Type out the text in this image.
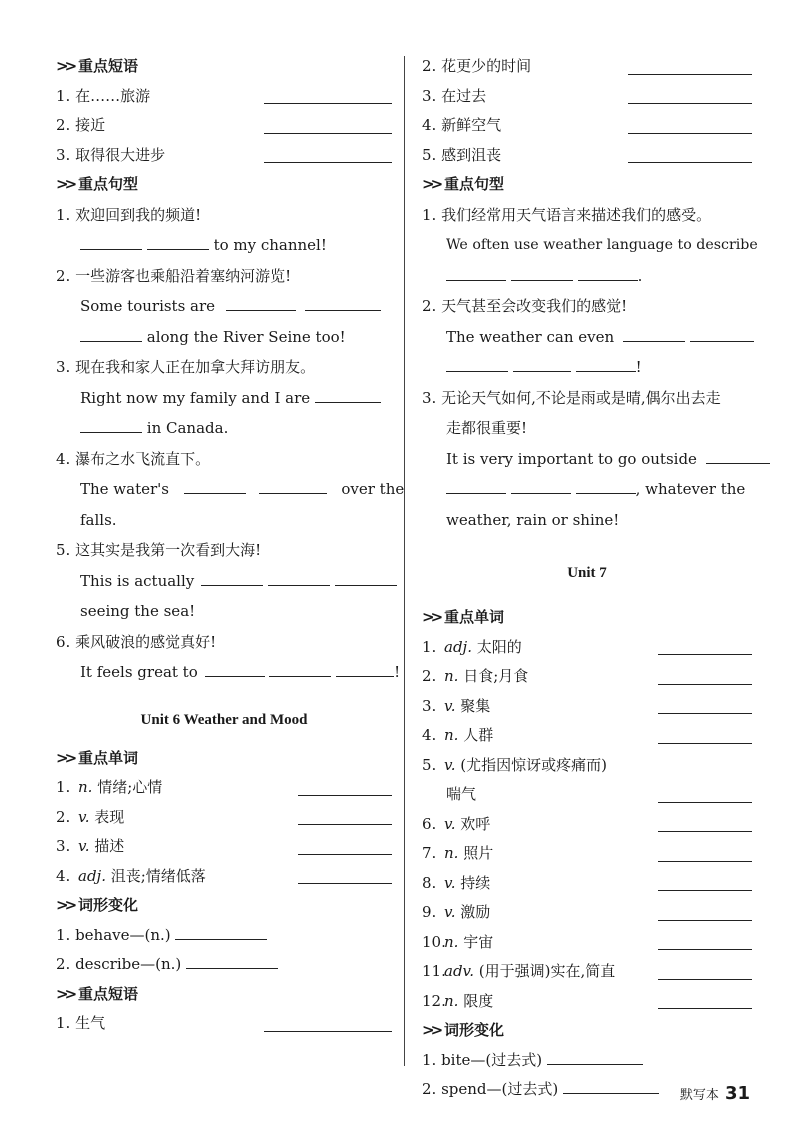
>> 重点短语
1. 在……旅游
2. 接近
3. 取得很大进步
>> 重点句型
1. 欢迎回到我的频道!
to my channel!
2. 一些游客也乘船沿着塞纳河游览!
Some tourists are
along the River Seine too!
3. 现在我和家人正在加拿大拜访朋友。
Right now my family and I are
in Canada.
4. 瀑布之水飞流直下。
The water's	over the
falls.
5. 这其实是我第一次看到大海!
This is actually
seeing the sea!
6. 乘风破浪的感觉真好!
It feels great to	!
Unit 6 Weather and Mood
>> 重点单词
1. n. 情绪;心情
2. v. 表现
3. v. 描述
4. adj. 沮丧;情绪低落
>> 词形变化
1. behave—(n.)
2. describe—(n.)
>> 重点短语
1. 生气
2. 花更少的时间
3. 在过去
4. 新鲜空气
5. 感到沮丧
>> 重点句型
1. 我们经常用天气语言来描述我们的感受。
We often use weather language to describe
.
2. 天气甚至会改变我们的感觉!
The weather can even
!
3. 无论天气如何,不论是雨或是晴,偶尔出去走
走都很重要!
It is very important to go outside
, whatever the
weather, rain or shine!
Unit 7
>> 重点单词
1. adj. 太阳的
2. n. 日食;月食
3. v. 聚集
4. n. 人群
5. v. (尤指因惊讶或疼痛而)
喘气
6. v. 欢呼
7. n. 照片
8. v. 持续
9. v. 激励
10.n. 宇宙
11.adv. (用于强调)实在,简直
12.n. 限度
>> 词形变化
1. bite—(过去式)
2. spend—(过去式)	默写本 31
